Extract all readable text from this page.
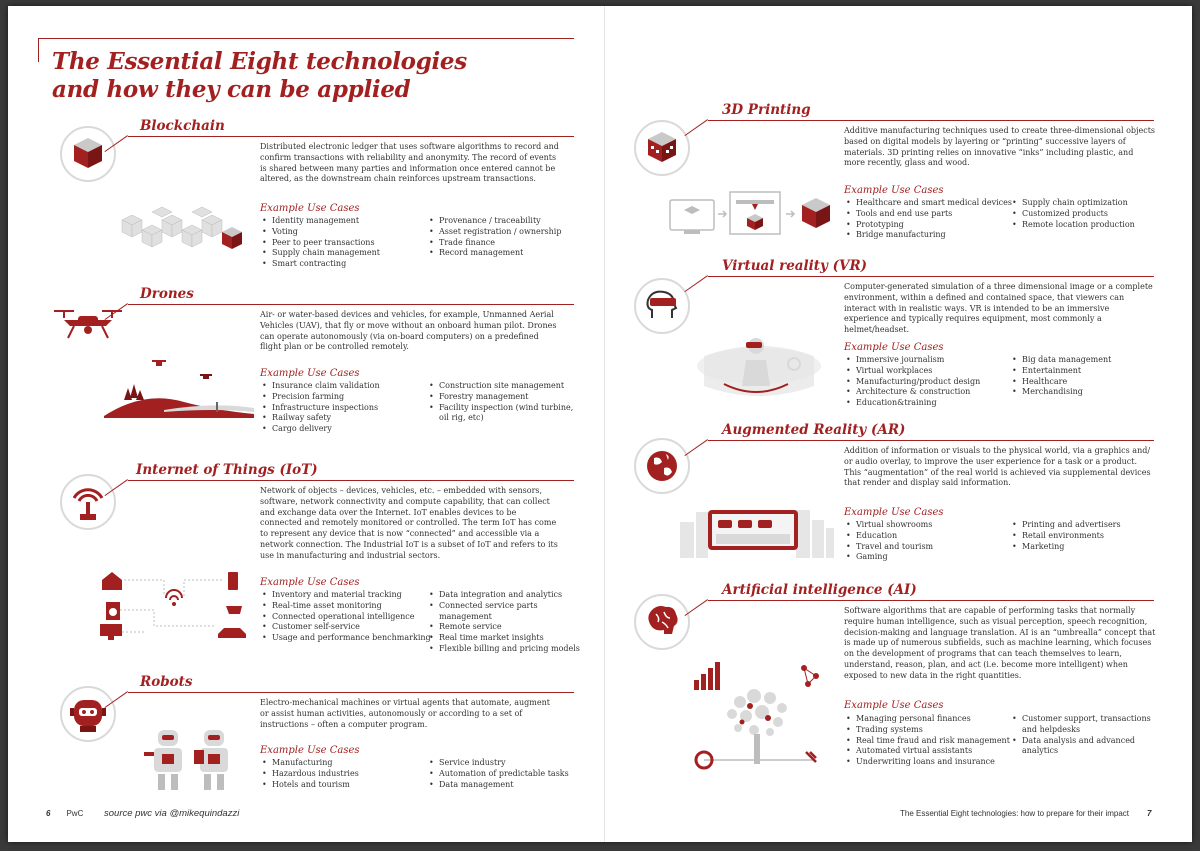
The Essential Eight technologies
and how they can be applied
Blockchain
Distributed electronic ledger that uses software algorithms to record and confirm transactions with reliability and anonymity. The record of events is shared between many parties and information once entered cannot be altered, as the downstream chain reinforces upstream transactions.
Example Use Cases
• Identity management
• Voting
• Peer to peer transactions
• Supply chain management
• Smart contracting
• Provenance / traceability
• Asset registration / ownership
• Trade finance
• Record management
Drones
Air- or water-based devices and vehicles, for example, Unmanned Aerial Vehicles (UAV), that fly or move without an onboard human pilot. Drones can operate autonomously (via on-board computers) on a predefined flight plan or be controlled remotely.
Example Use Cases
• Insurance claim validation
• Precision farming
• Infrastructure inspections
• Railway safety
• Cargo delivery
• Construction site management
• Forestry management
• Facility inspection (wind turbine, oil rig, etc)
Internet of Things (IoT)
Network of objects – devices, vehicles, etc. – embedded with sensors, software, network connectivity and compute capability, that can collect and exchange data over the Internet. IoT enables devices to be connected and remotely monitored or controlled. The term IoT has come to represent any device that is now “connected” and accessible via a network connection. The Industrial IoT is a subset of IoT and refers to its use in manufacturing and industrial sectors.
Example Use Cases
• Inventory and material tracking
• Real-time asset monitoring
• Connected operational intelligence
• Customer self-service
• Usage and performance benchmarking
• Data integration and analytics
• Connected service parts management
• Remote service
• Real time market insights
• Flexible billing and pricing models
Robots
Electro-mechanical machines or virtual agents that automate, augment or assist human activities, autonomously or according to a set of instructions – often a computer program.
Example Use Cases
• Manufacturing
• Hazardous industries
• Hotels and tourism
• Service industry
• Automation of predictable tasks
• Data management
3D Printing
Additive manufacturing techniques used to create three-dimensional objects based on digital models by layering or “printing” successive layers of materials. 3D printing relies on innovative “inks” including plastic, and more recently, glass and wood.
Example Use Cases
• Healthcare and smart medical devices
• Tools and end use parts
• Prototyping
• Bridge manufacturing
• Supply chain optimization
• Customized products
• Remote location production
Virtual reality (VR)
Computer-generated simulation of a three dimensional image or a complete environment, within a defined and contained space, that viewers can interact with in realistic ways. VR is intended to be an immersive experience and typically requires equipment, most commonly a helmet/headset.
Example Use Cases
• Immersive journalism
• Virtual workplaces
• Manufacturing/product design
• Architecture & construction
• Education&training
• Big data management
• Entertainment
• Healthcare
• Merchandising
Augmented Reality (AR)
Addition of information or visuals to the physical world, via a graphics and/ or audio overlay, to improve the user experience for a task or a product. This “augmentation” of the real world is achieved via supplemental devices that render and display said information.
Example Use Cases
• Virtual showrooms
• Education
• Travel and tourism
• Gaming
• Printing and advertisers
• Retail environments
• Marketing
Artificial intelligence (AI)
Software algorithms that are capable of performing tasks that normally require human intelligence, such as visual perception, speech recognition, decision-making and language translation. AI is an “umbrealla” concept that is made up of numerous subfields, such as machine learning, which focuses on the development of programs that can teach themselves to learn, understand, reason, plan, and act (i.e. become more intelligent) when exposed to new data in the right quantities.
Example Use Cases
• Managing personal finances
• Trading systems
• Real time fraud and risk management
• Automated virtual assistants
• Underwriting loans and insurance
• Customer support, transactions and helpdesks
• Data analysis and advanced analytics
6 PwC source pwc via @mikequindazzi	The Essential Eight technologies: how to prepare for their impact 7
